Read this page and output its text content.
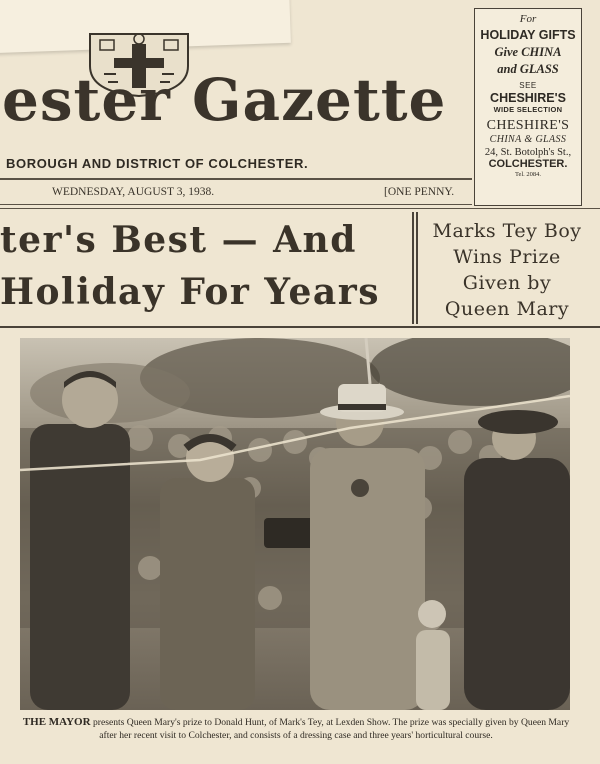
ester Gazette
BOROUGH AND DISTRICT OF COLCHESTER.
WEDNESDAY, AUGUST 3, 1938.	[ONE PENNY.
For
HOLIDAY GIFTS
Give CHINA
and GLASS
SEE
CHESHIRE'S
WIDE SELECTION
CHESHIRE'S
CHINA & GLASS
24, St. Botolph's St.,
COLCHESTER.
Tel. 2084.
ter's Best — And
Holiday For Years
Marks Tey Boy
Wins Prize
Given by
Queen Mary
THE MAYOR presents Queen Mary's prize to Donald Hunt, of Mark's Tey, at Lexden Show. The prize was specially given by Queen Mary after her recent visit to Colchester, and consists of a dressing case and three years' horticultural course.
